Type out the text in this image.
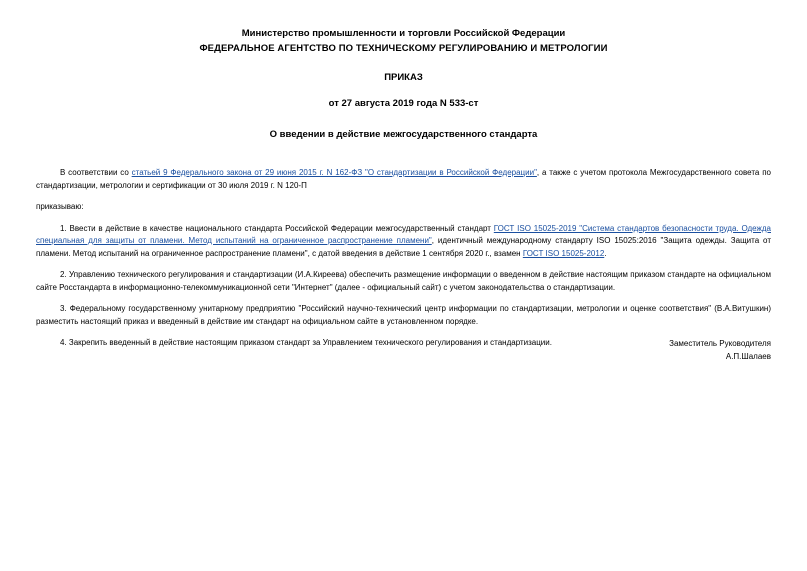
Министерство промышленности и торговли Российской Федерации
ФЕДЕРАЛЬНОЕ АГЕНТСТВО ПО ТЕХНИЧЕСКОМУ РЕГУЛИРОВАНИЮ И МЕТРОЛОГИИ
ПРИКАЗ
от 27 августа 2019 года N 533-ст
О введении в действие межгосударственного стандарта

В соответствии со статьей 9 Федерального закона от 29 июня 2015 г. N 162-ФЗ "О стандартизации в Российской Федерации", а также с учетом протокола Межгосударственного совета по стандартизации, метрологии и сертификации от 30 июля 2019 г. N 120-П

приказываю:

1. Ввести в действие в качестве национального стандарта Российской Федерации межгосударственный стандарт ГОСТ ISO 15025-2019 "Система стандартов безопасности труда. Одежда специальная для защиты от пламени. Метод испытаний на ограниченное распространение пламени", идентичный международному стандарту ISO 15025:2016 "Защита одежды. Защита от пламени. Метод испытаний на ограниченное распространение пламени", с датой введения в действие 1 сентября 2020 г., взамен ГОСТ ISO 15025-2012.

2. Управлению технического регулирования и стандартизации (И.А.Киреева) обеспечить размещение информации о введенном в действие настоящим приказом стандарте на официальном сайте Росстандарта в информационно-телекоммуникационной сети "Интернет" (далее - официальный сайт) с учетом законодательства о стандартизации.

3. Федеральному государственному унитарному предприятию "Российский научно-технический центр информации по стандартизации, метрологии и оценке соответствия" (В.А.Витушкин) разместить настоящий приказ и введенный в действие им стандарт на официальном сайте в установленном порядке.

4. Закрепить введенный в действие настоящим приказом стандарт за Управлением технического регулирования и стандартизации.	Заместитель Руководителя
А.П.Шалаев
